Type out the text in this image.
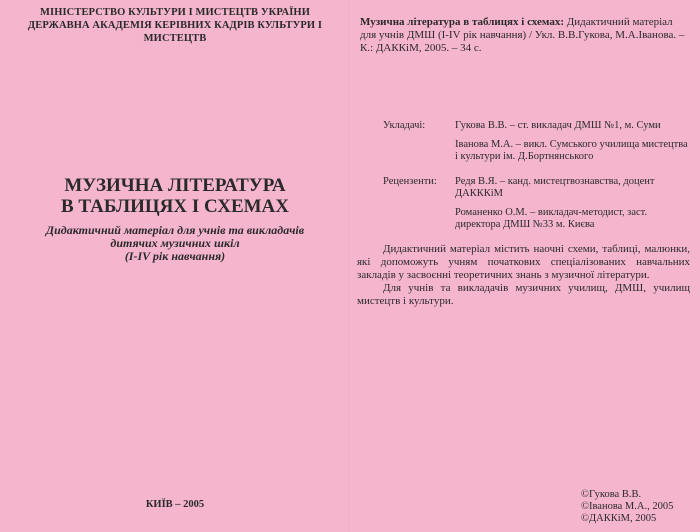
МІНІСТЕРСТВО КУЛЬТУРИ І МИСТЕЦТВ УКРАЇНИ
ДЕРЖАВНА АКАДЕМІЯ КЕРІВНИХ КАДРІВ КУЛЬТУРИ І МИСТЕЦТВ
МУЗИЧНА ЛІТЕРАТУРА
В ТАБЛИЦЯХ І СХЕМАХ
Дидактичний матеріал для учнів та викладачів
дитячих музичних шкіл
(І-ІV рік навчання)
КИЇВ – 2005
Музична література в таблицях і схемах: Дидактичний матеріал для учнів ДМШ (І-ІV рік навчання) / Укл. В.В.Гукова, М.А.Іванова. – К.: ДАККіМ, 2005. – 34 с.
Укладачі:	Гукова В.В. – ст. викладач ДМШ №1, м. Суми
Іванова М.А. – викл. Сумського училища мистецтва і культури ім. Д.Бортнянського
Рецензенти:	Редя В.Я. – канд. мистецтвознавства, доцент ДАКККіМ
Романенко О.М. – викладач-методист, заст. директора ДМШ №33 м. Києва

Дидактичний матеріал містить наочні схеми, таблиці, малюнки, які допоможуть учням початкових спеціалізованих навчальних закладів у засвоєнні теоретичних знань з музичної літератури.

Для учнів та викладачів музичних училищ, ДМШ, училищ мистецтв і культури.

©Гукова В.В.
©Іванова М.А., 2005
©ДАККіМ, 2005
